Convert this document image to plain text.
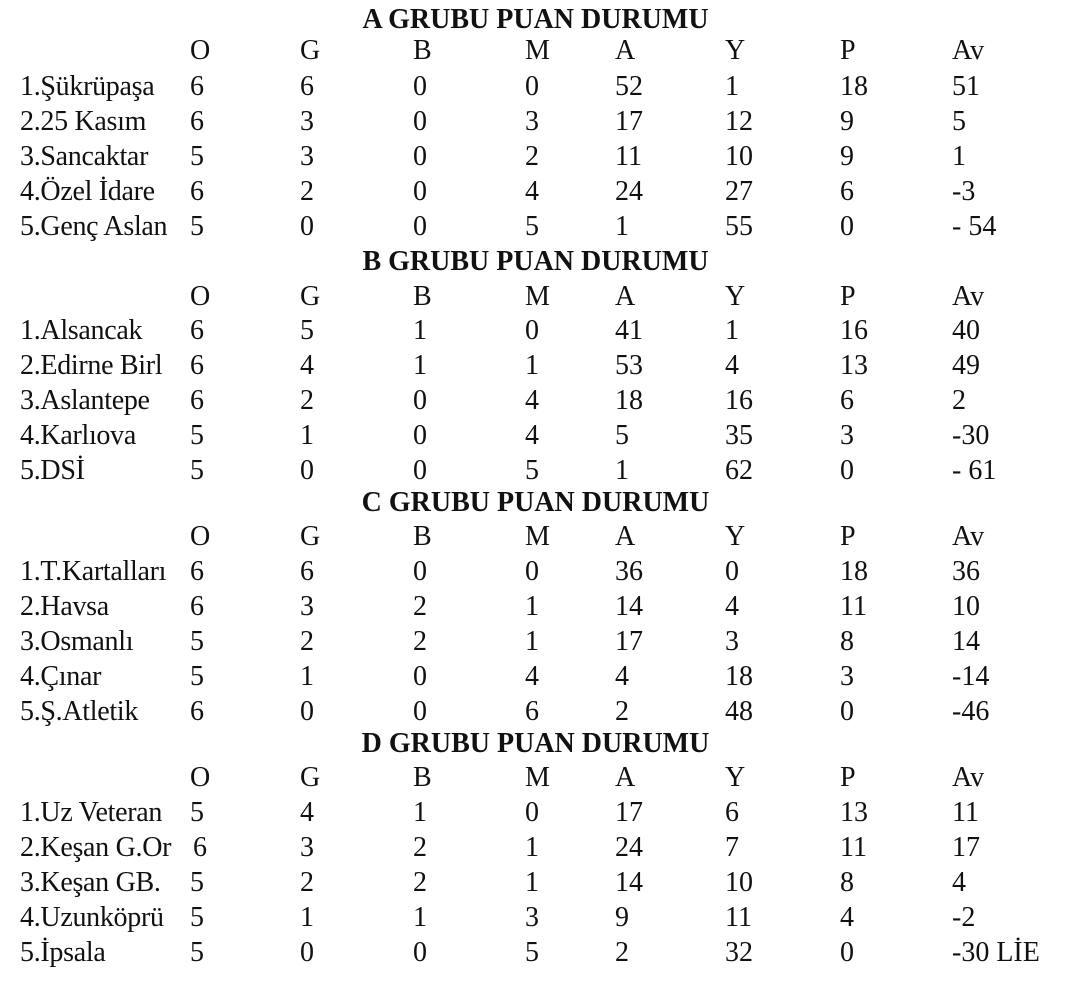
A GRUBU PUAN DURUMU
O	G	B	M A	Y	P	Av
1.Şükrüpaşa 6	6	0	0	52	1	18	51
2.25 Kasım 6	3	0	3	17	12	9	5
3.Sancaktar 5	3	0	2	11	10	9	1
4.Özel İdare 6	2	0	4	24	27	6	-3
5.Genç Aslan 5	0	0	5	1	55	0	- 54
B GRUBU PUAN DURUMU
O	G	B	M A	Y	P	Av
1.Alsancak 6	5	1	0	41	1	16	40
2.Edirne Birl 6	4	1	1	53	4	13	49
3.Aslantepe 6	2	0	4	18	16	6	2
4.Karlıova 5	1	0	4	5	35	3	-30
5.DSİ	5	0	0	5	1	62	0	- 61
C GRUBU PUAN DURUMU
O	G	B	M A	Y	P	Av
1.T.Kartalları 6	6	0	0	36	0	18	36
2.Havsa	6	3	2	1	14	4	11	10
3.Osmanlı 5	2	2	1	17	3	8	14
4.Çınar	5	1	0	4	4	18	3	-14
5.Ş.Atletik 6	0	0	6	2	48	0	-46
D GRUBU PUAN DURUMU
O	G	B	M A	Y	P	Av
1.Uz Veteran 5	4	1	0	17	6	13	11
2.Keşan G.Or 6	3	2	1	24	7	11	17
3.Keşan GB. 5	2	2	1	14	10	8	4
4.Uzunköprü 5	1	1	3	9	11	4	-2
5.İpsala	5	0	0	5	2	32	0	-30 LİE
